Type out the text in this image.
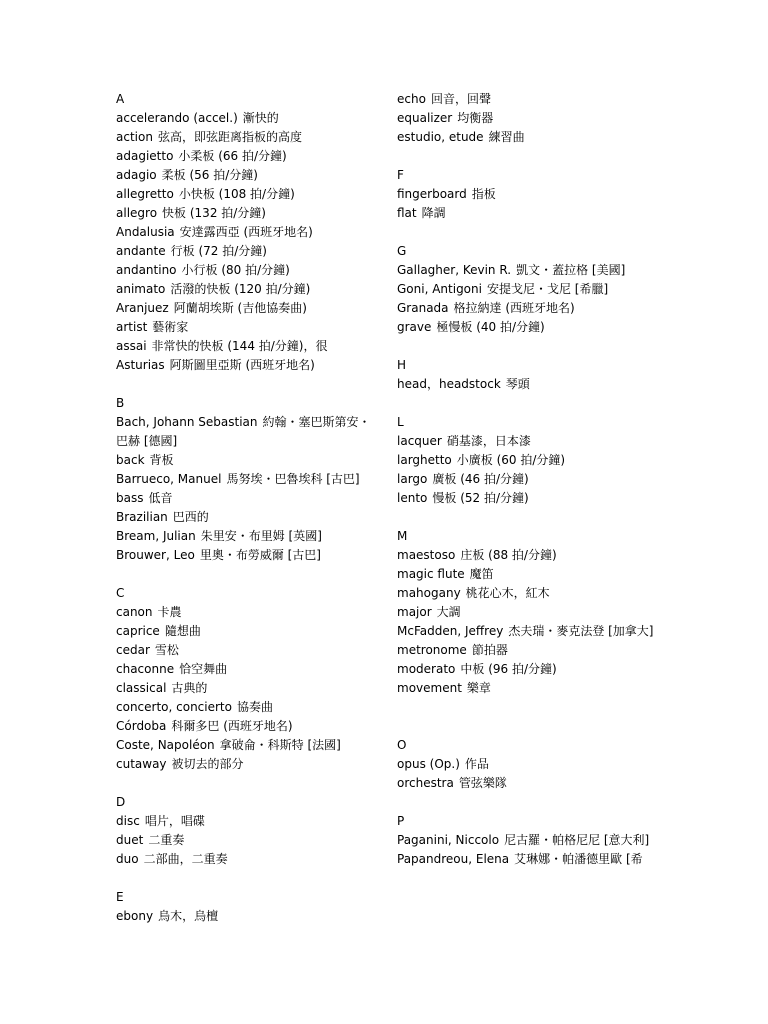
A
accelerando (accel.) 漸快的
action 弦高，即弦距离指板的高度
adagietto 小柔板 (66 拍/分鐘)
adagio 柔板 (56 拍/分鐘)
allegretto 小快板 (108 拍/分鐘)
allegro 快板 (132 拍/分鐘)
Andalusia 安達露西亞 (西班牙地名)
andante 行板 (72 拍/分鐘)
andantino 小行板 (80 拍/分鐘)
animato 活潑的快板 (120 拍/分鐘)
Aranjuez 阿蘭胡埃斯 (吉他協奏曲)
artist 藝術家
assai 非常快的快板 (144 拍/分鐘)，很
Asturias 阿斯圖里亞斯 (西班牙地名)
B
Bach, Johann Sebastian 約翰・塞巴斯第安・巴赫 [德國]
back 背板
Barrueco, Manuel 馬努埃・巴魯埃科 [古巴]
bass 低音
Brazilian 巴西的
Bream, Julian 朱里安・布里姆 [英國]
Brouwer, Leo 里奧・布勞威爾 [古巴]
C
canon 卡農
caprice 隨想曲
cedar 雪松
chaconne 恰空舞曲
classical 古典的
concerto, concierto 協奏曲
Córdoba 科爾多巴 (西班牙地名)
Coste, Napoléon 拿破侖・科斯特 [法國]
cutaway 被切去的部分
D
disc 唱片，唱碟
duet 二重奏
duo 二部曲，二重奏
E
ebony 烏木，烏檀
echo 回音，回聲
equalizer 均衡器
estudio, etude 練習曲
F
fingerboard 指板
flat 降調
G
Gallagher, Kevin R. 凱文・蓋拉格 [美國]
Goni, Antigoni 安提戈尼・戈尼 [希臘]
Granada 格拉納達 (西班牙地名)
grave 極慢板 (40 拍/分鐘)
H
head，headstock 琴頭
L
lacquer 硝基漆，日本漆
larghetto 小廣板 (60 拍/分鐘)
largo 廣板 (46 拍/分鐘)
lento 慢板 (52 拍/分鐘)
M
maestoso 庄板 (88 拍/分鐘)
magic flute 魔笛
mahogany 桃花心木，紅木
major 大調
McFadden, Jeffrey 杰夫瑞・麥克法登 [加拿大]
metronome 節拍器
moderato 中板 (96 拍/分鐘)
movement 樂章
O
opus (Op.) 作品
orchestra 管弦樂隊
P
Paganini, Niccolo 尼古羅・帕格尼尼 [意大利]
Papandreou, Elena 艾琳娜・帕潘德里歐 [希
